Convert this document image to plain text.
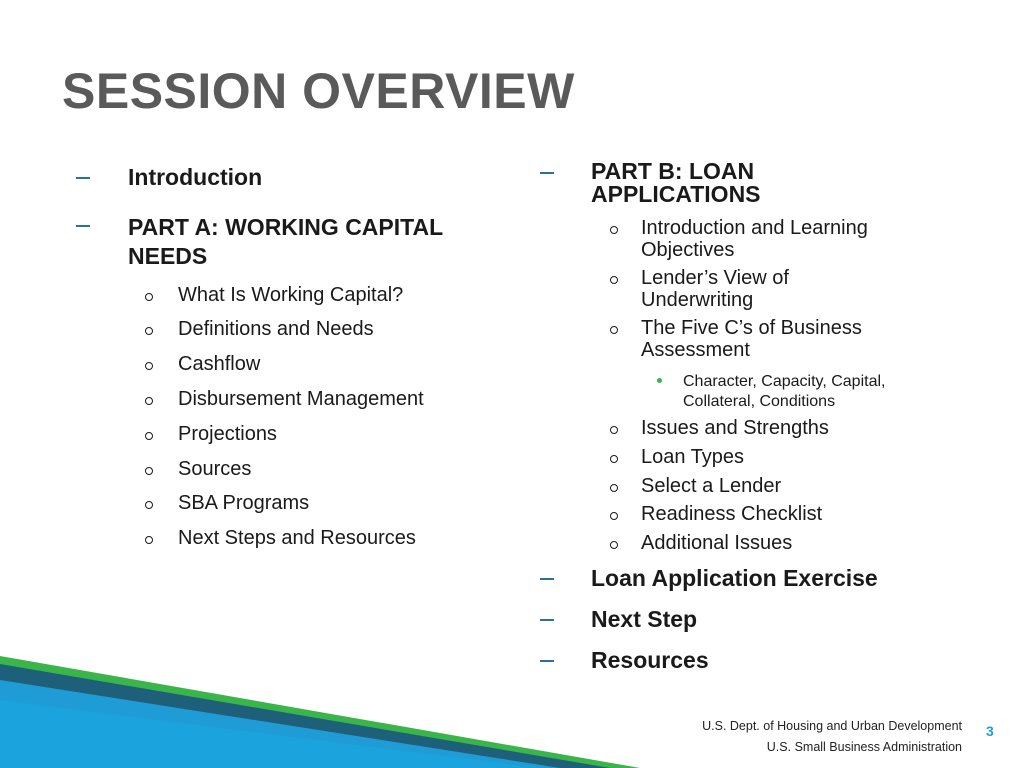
SESSION OVERVIEW
Introduction
PART A: WORKING CAPITAL NEEDS
What Is Working Capital?
Definitions and Needs
Cashflow
Disbursement Management
Projections
Sources
SBA Programs
Next Steps and Resources
PART B: LOAN APPLICATIONS
Introduction and Learning Objectives
Lender’s View of Underwriting
The Five C’s of Business Assessment
Character, Capacity, Capital, Collateral, Conditions
Issues and Strengths
Loan Types
Select a Lender
Readiness Checklist
Additional Issues
Loan Application Exercise
Next Step
Resources
U.S. Dept. of Housing and Urban Development
U.S. Small Business Administration
3
